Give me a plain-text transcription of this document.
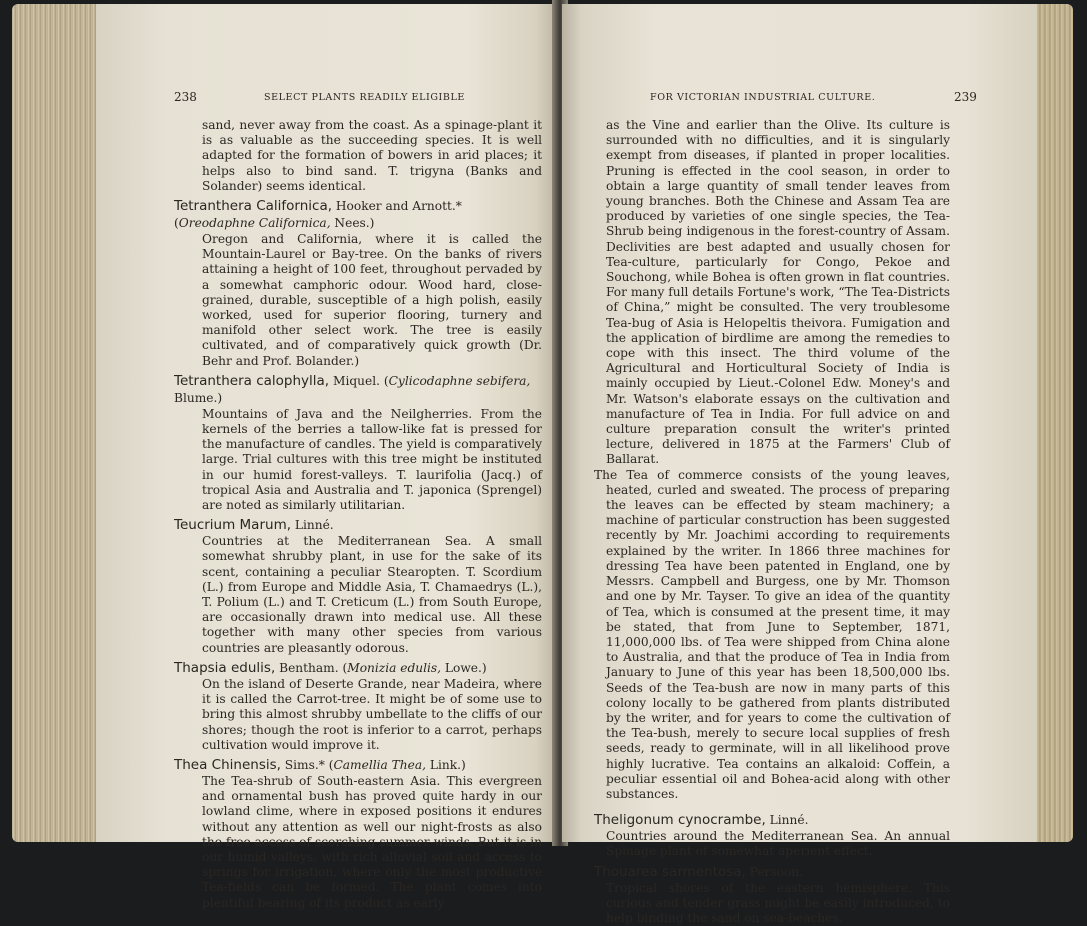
238	SELECT PLANTS READILY ELIGIBLE

sand, never away from the coast. As a spinage-plant it is as valuable as the succeeding species. It is well adapted for the formation of bowers in arid places; it helps also to bind sand. T. trigyna (Banks and Solander) seems identical.

Tetranthera Californica, Hooker and Arnott.* (Oreodaphne Californica, Nees.)

Oregon and California, where it is called the Mountain-Laurel or Bay-tree. On the banks of rivers attaining a height of 100 feet, throughout pervaded by a somewhat camphoric odour. Wood hard, close-grained, durable, susceptible of a high polish, easily worked, used for superior flooring, turnery and manifold other select work. The tree is easily cultivated, and of comparatively quick growth (Dr. Behr and Prof. Bolander.)

Tetranthera calophylla, Miquel. (Cylicodaphne sebifera, Blume.)

Mountains of Java and the Neilgherries. From the kernels of the berries a tallow-like fat is pressed for the manufacture of candles. The yield is comparatively large. Trial cultures with this tree might be instituted in our humid forest-valleys. T. laurifolia (Jacq.) of tropical Asia and Australia and T. japonica (Sprengel) are noted as similarly utilitarian.

Teucrium Marum, Linné.

Countries at the Mediterranean Sea. A small somewhat shrubby plant, in use for the sake of its scent, containing a peculiar Stearopten. T. Scordium (L.) from Europe and Middle Asia, T. Chamaedrys (L.), T. Polium (L.) and T. Creticum (L.) from South Europe, are occasionally drawn into medical use. All these together with many other species from various countries are pleasantly odorous.

Thapsia edulis, Bentham. (Monizia edulis, Lowe.)

On the island of Deserte Grande, near Madeira, where it is called the Carrot-tree. It might be of some use to bring this almost shrubby umbellate to the cliffs of our shores; though the root is inferior to a carrot, perhaps cultivation would improve it.

Thea Chinensis, Sims.* (Camellia Thea, Link.)

The Tea-shrub of South-eastern Asia. This evergreen and ornamental bush has proved quite hardy in our lowland clime, where in exposed positions it endures without any attention as well our night-frosts as also the free access of scorching summer-winds. But it is in our humid valleys, with rich alluvial soil and access to springs for irrigation, where only the most productive Tea-fields can be formed. The plant comes into plentiful bearing of its product as early

FOR VICTORIAN INDUSTRIAL CULTURE.	239

as the Vine and earlier than the Olive. Its culture is surrounded with no difficulties, and it is singularly exempt from diseases, if planted in proper localities. Pruning is effected in the cool season, in order to obtain a large quantity of small tender leaves from young branches. Both the Chinese and Assam Tea are produced by varieties of one single species, the Tea-Shrub being indigenous in the forest-country of Assam. Declivities are best adapted and usually chosen for Tea-culture, particularly for Congo, Pekoe and Souchong, while Bohea is often grown in flat countries. For many full details Fortune's work, “The Tea-Districts of China,” might be consulted. The very troublesome Tea-bug of Asia is Helopeltis theivora. Fumigation and the application of birdlime are among the remedies to cope with this insect. The third volume of the Agricultural and Horticultural Society of India is mainly occupied by Lieut.-Colonel Edw. Money's and Mr. Watson's elaborate essays on the cultivation and manufacture of Tea in India. For full advice on and culture preparation consult the writer's printed lecture, delivered in 1875 at the Farmers' Club of Ballarat.

The Tea of commerce consists of the young leaves, heated, curled and sweated. The process of preparing the leaves can be effected by steam machinery; a machine of particular construction has been suggested recently by Mr. Joachimi according to requirements explained by the writer. In 1866 three machines for dressing Tea have been patented in England, one by Messrs. Campbell and Burgess, one by Mr. Thomson and one by Mr. Tayser. To give an idea of the quantity of Tea, which is consumed at the present time, it may be stated, that from June to September, 1871, 11,000,000 lbs. of Tea were shipped from China alone to Australia, and that the produce of Tea in India from January to June of this year has been 18,500,000 lbs. Seeds of the Tea-bush are now in many parts of this colony locally to be gathered from plants distributed by the writer, and for years to come the cultivation of the Tea-bush, merely to secure local supplies of fresh seeds, ready to germinate, will in all likelihood prove highly lucrative. Tea contains an alkaloid: Coffein, a peculiar essential oil and Bohea-acid along with other substances.

Theligonum cynocrambe, Linné.

Countries around the Mediterranean Sea. An annual Spinage plant of somewhat aperient effect.

Thouarea sarmentosa, Persoon.

Tropical shores of the eastern hemisphere. This curious and tender grass might be easily introduced, to help binding the sand on sea-beaches.
